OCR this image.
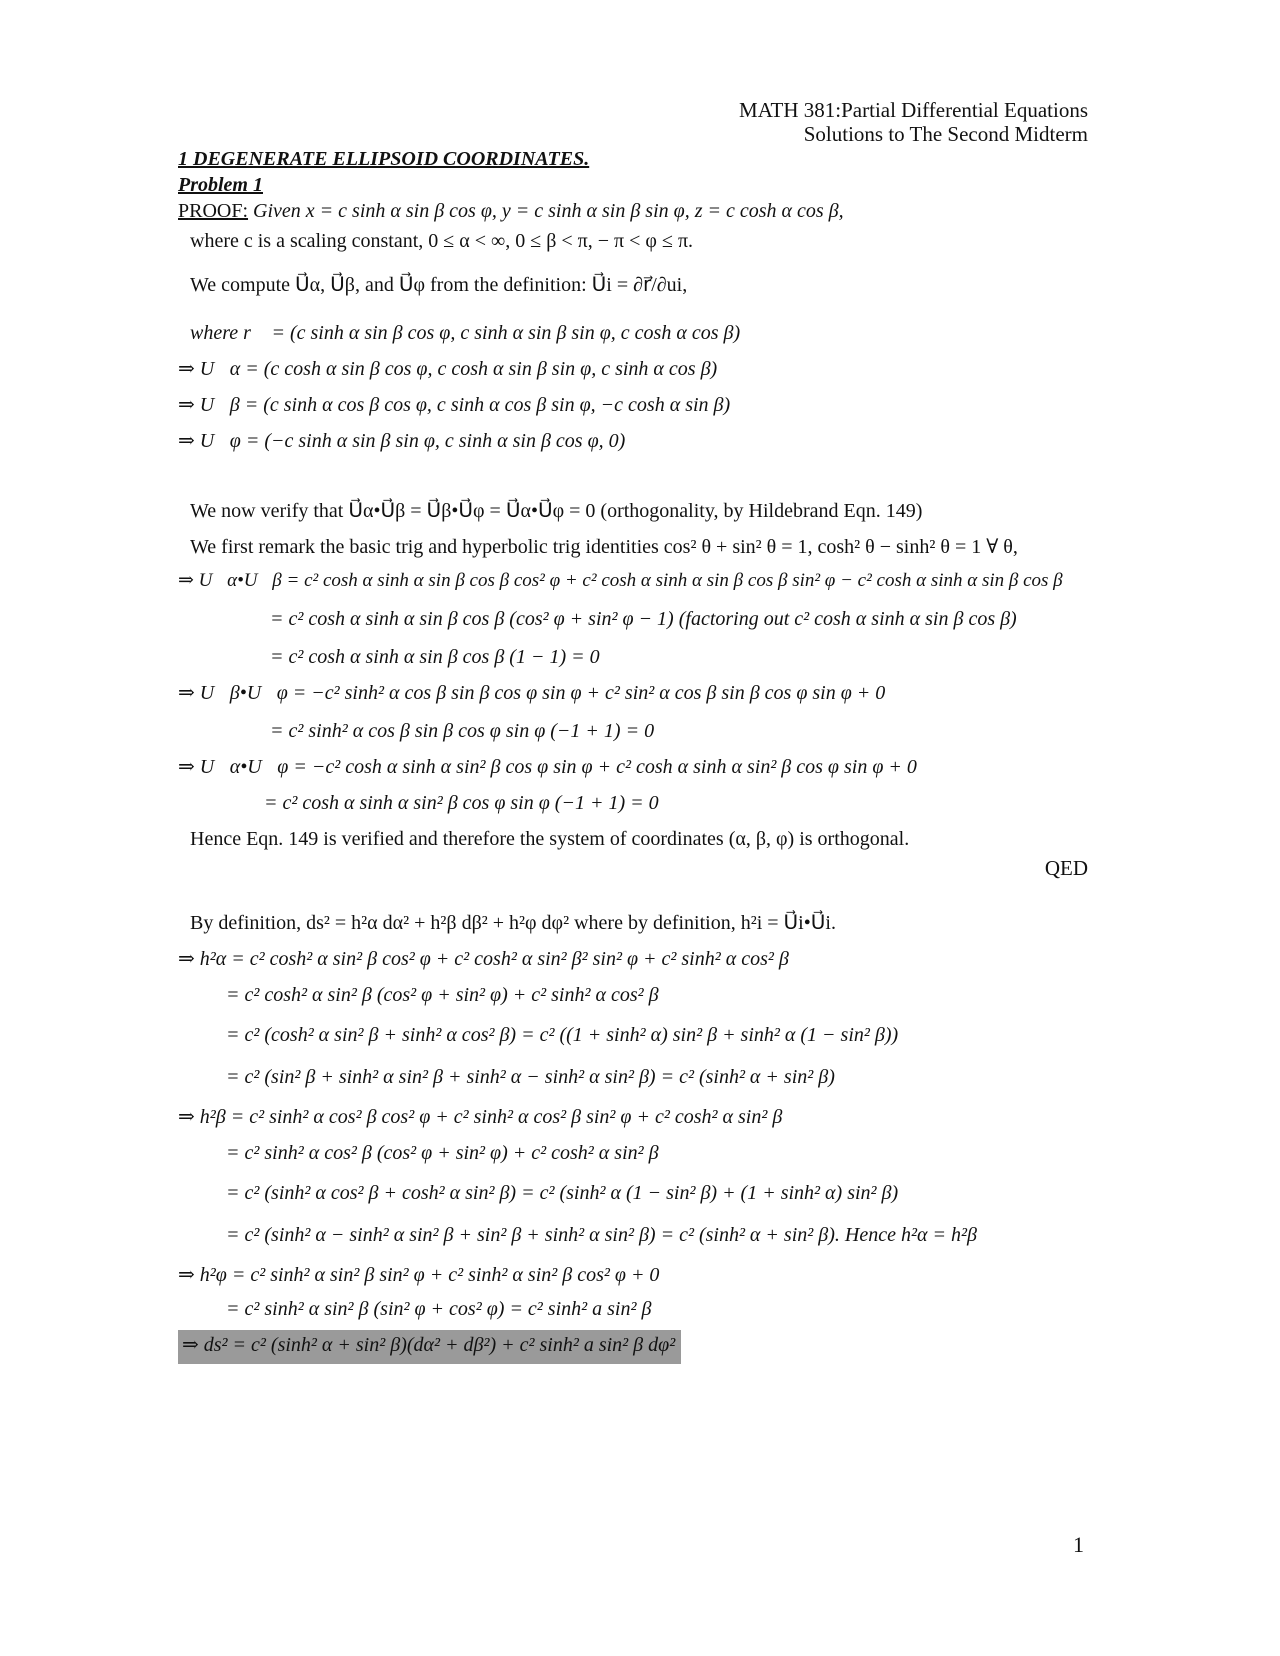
MATH 381:Partial Differential Equations
Solutions to The Second Midterm
1 DEGENERATE ELLIPSOID COORDINATES.
Problem 1
PROOF: Given x = c sinh α sin β cos φ, y = c sinh α sin β sin φ, z = c cosh α cos β,
where c is a scaling constant, 0 ≤ α < ∞, 0 ≤ β < π, − π < φ ≤ π.
We compute U⃗α, U⃗β, and U⃗φ from the definition: U⃗i = ∂r⃗/∂ui,
where r⃗ = (c sinh α sin β cos φ, c sinh α sin β sin φ, c cosh α cos β)
⇒ U⃗α = (c cosh α sin β cos φ, c cosh α sin β sin φ, c sinh α cos β)
⇒ U⃗β = (c sinh α cos β cos φ, c sinh α cos β sin φ, −c cosh α sin β)
⇒ U⃗φ = (−c sinh α sin β sin φ, c sinh α sin β cos φ, 0)
We now verify that U⃗α•U⃗β = U⃗β•U⃗φ = U⃗α•U⃗φ = 0 (orthogonality, by Hildebrand Eqn. 149)
We first remark the basic trig and hyperbolic trig identities cos² θ + sin² θ = 1, cosh² θ − sinh² θ = 1 ∀ θ,
⇒ U⃗α•U⃗β = c² cosh α sinh α sin β cos β cos² φ + c² cosh α sinh α sin β cos β sin² φ − c² cosh α sinh α sin β cos β
= c² cosh α sinh α sin β cos β (cos² φ + sin² φ − 1) (factoring out c² cosh α sinh α sin β cos β)
= c² cosh α sinh α sin β cos β (1 − 1) = 0
⇒ U⃗β•U⃗φ = −c² sinh² α cos β sin β cos φ sin φ + c² sin² α cos β sin β cos φ sin φ + 0
= c² sinh² α cos β sin β cos φ sin φ (−1 + 1) = 0
⇒ U⃗α•U⃗φ = −c² cosh α sinh α sin² β cos φ sin φ + c² cosh α sinh α sin² β cos φ sin φ + 0
= c² cosh α sinh α sin² β cos φ sin φ (−1 + 1) = 0
Hence Eqn. 149 is verified and therefore the system of coordinates (α, β, φ) is orthogonal.
QED
By definition, ds² = h²α dα² + h²β dβ² + h²φ dφ² where by definition, h²i = U⃗i•U⃗i.
⇒ h²α = c² cosh² α sin² β cos² φ + c² cosh² α sin² β² sin² φ + c² sinh² α cos² β
= c² cosh² α sin² β (cos² φ + sin² φ) + c² sinh² α cos² β
= c² (cosh² α sin² β + sinh² α cos² β) = c² ((1 + sinh² α) sin² β + sinh² α (1 − sin² β))
= c² (sin² β + sinh² α sin² β + sinh² α − sinh² α sin² β) = c² (sinh² α + sin² β)
⇒ h²β = c² sinh² α cos² β cos² φ + c² sinh² α cos² β sin² φ + c² cosh² α sin² β
= c² sinh² α cos² β (cos² φ + sin² φ) + c² cosh² α sin² β
= c² (sinh² α cos² β + cosh² α sin² β) = c² (sinh² α (1 − sin² β) + (1 + sinh² α) sin² β)
= c² (sinh² α − sinh² α sin² β + sin² β + sinh² α sin² β) = c² (sinh² α + sin² β). Hence h²α = h²β
⇒ h²φ = c² sinh² α sin² β sin² φ + c² sinh² α sin² β cos² φ + 0
= c² sinh² α sin² β (sin² φ + cos² φ) = c² sinh² a sin² β
⇒ ds² = c² (sinh² α + sin² β)(dα² + dβ²) + c² sinh² a sin² β dφ²
1
